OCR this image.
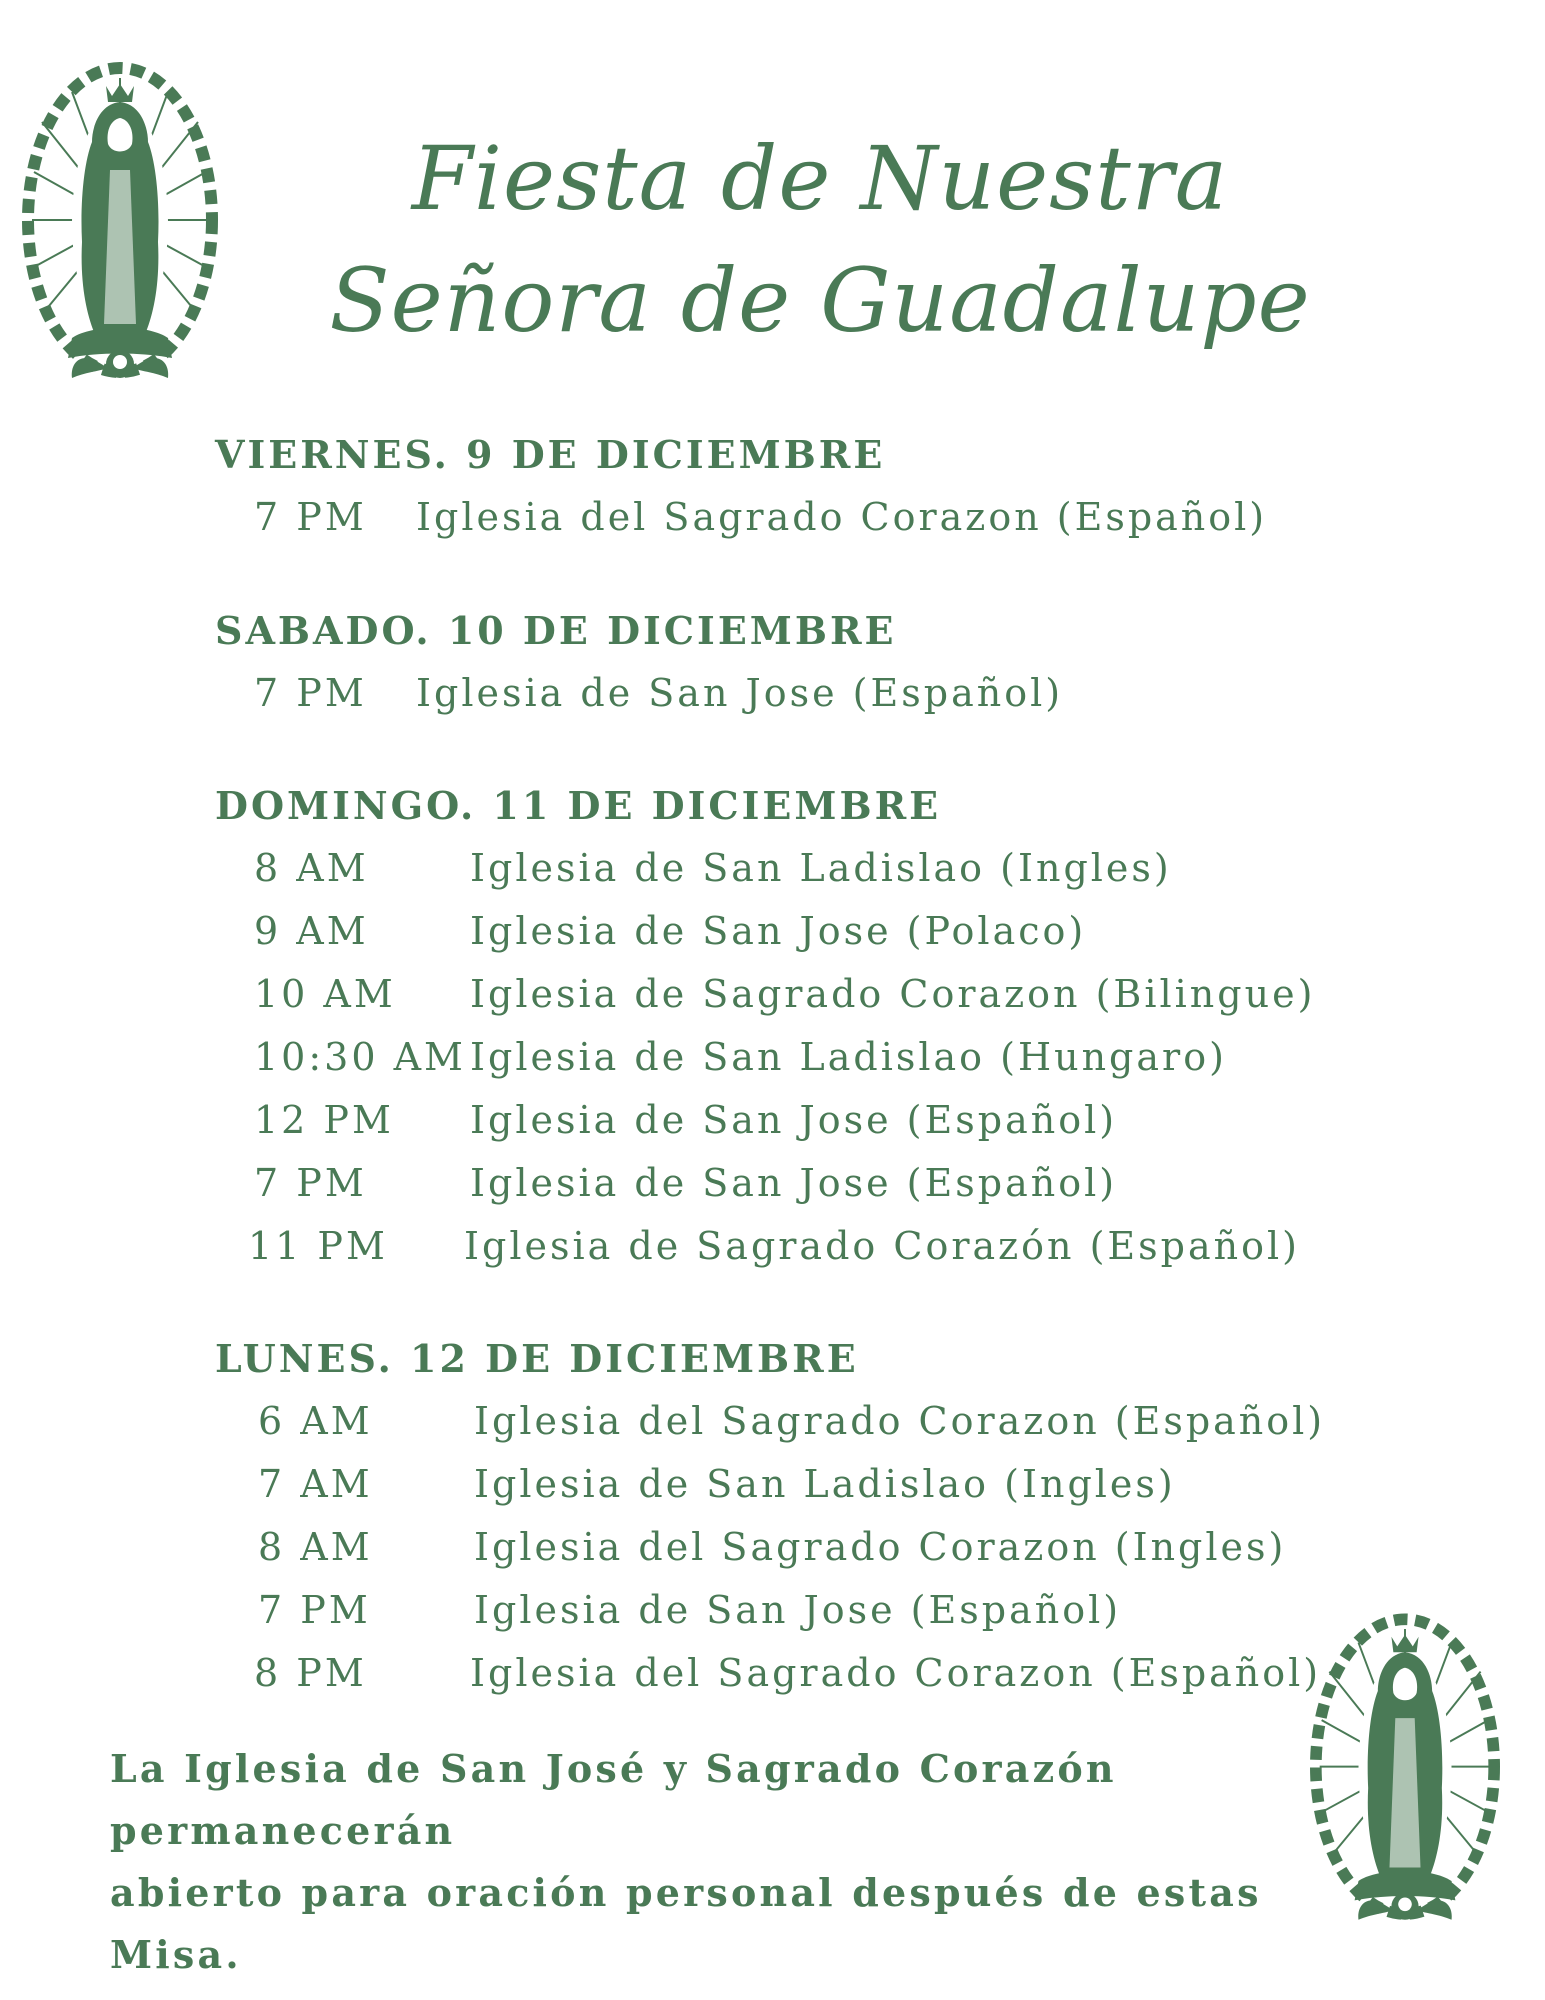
Fiesta de Nuestra Señora de Guadalupe
VIERNES. 9 DE DICIEMBRE
7 PM Iglesia del Sagrado Corazon (Español)
SABADO. 10 DE DICIEMBRE
7 PM Iglesia de San Jose (Español)
DOMINGO. 11 DE DICIEMBRE
8 AM	Iglesia de San Ladislao (Ingles)
9 AM	Iglesia de San Jose (Polaco)
10 AM Iglesia de Sagrado Corazon (Bilingue)
10:30 AM Iglesia de San Ladislao (Hungaro)
12 PM Iglesia de San Jose (Español)
7 PM	Iglesia de San Jose (Español)
11 PM Iglesia de Sagrado Corazón (Español)
LUNES. 12 DE DICIEMBRE
6 AM	Iglesia del Sagrado Corazon (Español)
7 AM	Iglesia de San Ladislao (Ingles)
8 AM	Iglesia del Sagrado Corazon (Ingles)
7 PM	Iglesia de San Jose (Español)
8 PM	Iglesia del Sagrado Corazon (Español)

La Iglesia de San José y Sagrado Corazón permanecerán
abierto para oración personal después de estas Misa.
